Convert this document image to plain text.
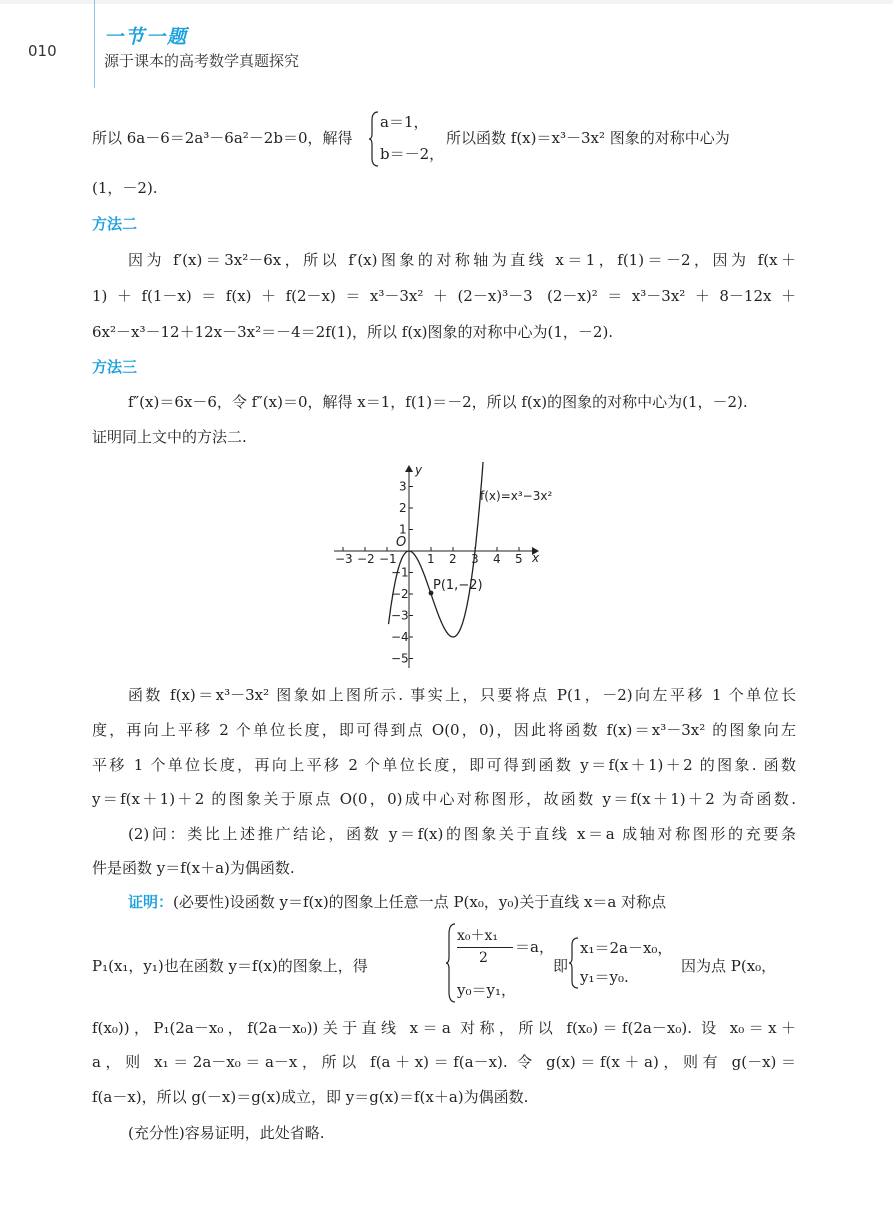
010
一节一题
源于课本的高考数学真题探究
所以 6a－6＝2a³－6a²－2b＝0，解得
a＝1，
b＝－2，
所以函数 f(x)＝x³－3x² 图象的对称中心为
(1，－2).
方法二
因为 f′(x)＝3x²－6x，所以 f′(x)图象的对称轴为直线 x＝1，f(1)＝－2，因为 f(x＋
1)＋f(1－x)＝f(x)＋f(2－x)＝x³－3x²＋(2－x)³－3 (2－x)²＝x³－3x²＋8－12x＋
6x²－x³－12＋12x－3x²＝－4＝2f(1)，所以 f(x)图象的对称中心为(1，－2).
方法三
f″(x)＝6x－6，令 f″(x)＝0，解得 x＝1，f(1)＝－2，所以 f(x)的图象的对称中心为(1，－2).
证明同上文中的方法二.
−3 −2 −1	1 2 3 4 5
1
2
3
−1
−2
−3
−4
−5
P(1,−2)
O
x
y
f(x)=x³−3x²
函数 f(x)＝x³－3x² 图象如上图所示. 事实上，只要将点 P(1，－2)向左平移 1 个单位长
度，再向上平移 2 个单位长度，即可得到点 O(0，0)，因此将函数 f(x)＝x³－3x² 的图象向左
平移 1 个单位长度，再向上平移 2 个单位长度，即可得到函数 y＝f(x＋1)＋2 的图象. 函数
y＝f(x＋1)＋2 的图象关于原点 O(0，0)成中心对称图形，故函数 y＝f(x＋1)＋2 为奇函数.
(2)问：类比上述推广结论，函数 y＝f(x)的图象关于直线 x＝a 成轴对称图形的充要条
件是函数 y＝f(x＋a)为偶函数.
证明：(必要性)设函数 y＝f(x)的图象上任意一点 P(x₀，y₀)关于直线 x＝a 对称点
P₁(x₁，y₁)也在函数 y＝f(x)的图象上，得
x₀＋x₁
2
＝a，
y₀＝y₁，
即
x₁＝2a－x₀，
y₁＝y₀.
因为点 P(x₀，
f(x₀))，P₁(2a－x₀，f(2a－x₀))关于直线 x＝a 对称，所以 f(x₀)＝f(2a－x₀). 设 x₀＝x＋
a，则 x₁＝2a－x₀＝a－x，所以 f(a＋x)＝f(a－x). 令 g(x)＝f(x＋a)，则有 g(－x)＝
f(a－x)，所以 g(－x)＝g(x)成立，即 y＝g(x)＝f(x＋a)为偶函数.
(充分性)容易证明，此处省略.
